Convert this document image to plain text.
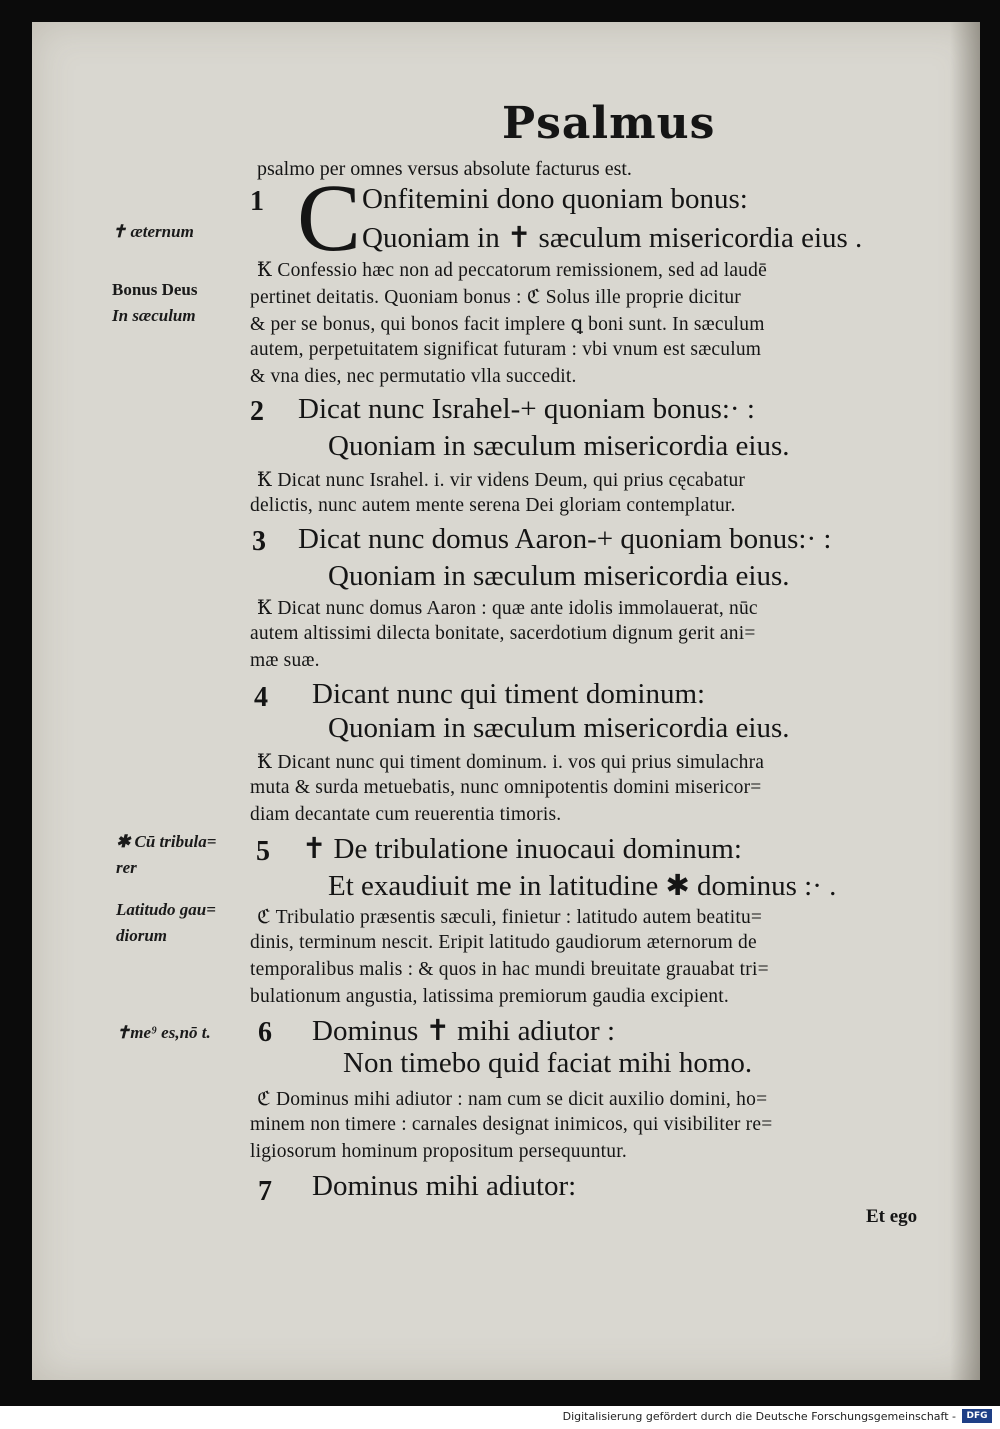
Psalmus
psalmo per omnes versus absolute facturus est.
✝ æternum
Bonus Deus
In sæculum
✱ Cū tribula=
rer
Latitudo gau=
diorum
✝me⁹ es,nō t.
1 C Onfitemini dono quoniam bonus:
Quoniam in ✝ sæculum misericordia eius .
Ꝁ Confessio hæc non ad peccatorum remissionem, sed ad laudē
pertinet deitatis. Quoniam bonus : ℭ Solus ille proprie dicitur
& per se bonus, qui bonos facit implere ꝗ boni sunt. In sæculum
autem, perpetuitatem significat futuram : vbi vnum est sæculum
& vna dies, nec permutatio vlla succedit.
2 Dicat nunc Israhel-+ quoniam bonus:· :
Quoniam in sæculum misericordia eius.
Ꝁ Dicat nunc Israhel. i. vir videns Deum, qui prius cęcabatur
delictis, nunc autem mente serena Dei gloriam contemplatur.
3 Dicat nunc domus Aaron-+ quoniam bonus:· :
Quoniam in sæculum misericordia eius.
Ꝁ Dicat nunc domus Aaron : quæ ante idolis immolauerat, nūc
autem altissimi dilecta bonitate, sacerdotium dignum gerit ani=
mæ suæ.
4 Dicant nunc qui timent dominum:
Quoniam in sæculum misericordia eius.
Ꝁ Dicant nunc qui timent dominum. i. vos qui prius simulachra
muta & surda metuebatis, nunc omnipotentis domini misericor=
diam decantate cum reuerentia timoris.
5 ✝ De tribulatione inuocaui dominum:
Et exaudiuit me in latitudine ✱ dominus :· .
ℭ Tribulatio præsentis sæculi, finietur : latitudo autem beatitu=
dinis, terminum nescit. Eripit latitudo gaudiorum æternorum de
temporalibus malis : & quos in hac mundi breuitate grauabat tri=
bulationum angustia, latissima premiorum gaudia excipient.
6 Dominus ✝ mihi adiutor :
Non timebo quid faciat mihi homo.
ℭ Dominus mihi adiutor : nam cum se dicit auxilio domini, ho=
minem non timere : carnales designat inimicos, qui visibiliter re=
ligiosorum hominum propositum persequuntur.
7 Dominus mihi adiutor:
Et ego
Digitalisierung gefördert durch die Deutsche Forschungsgemeinschaft -	DFG
